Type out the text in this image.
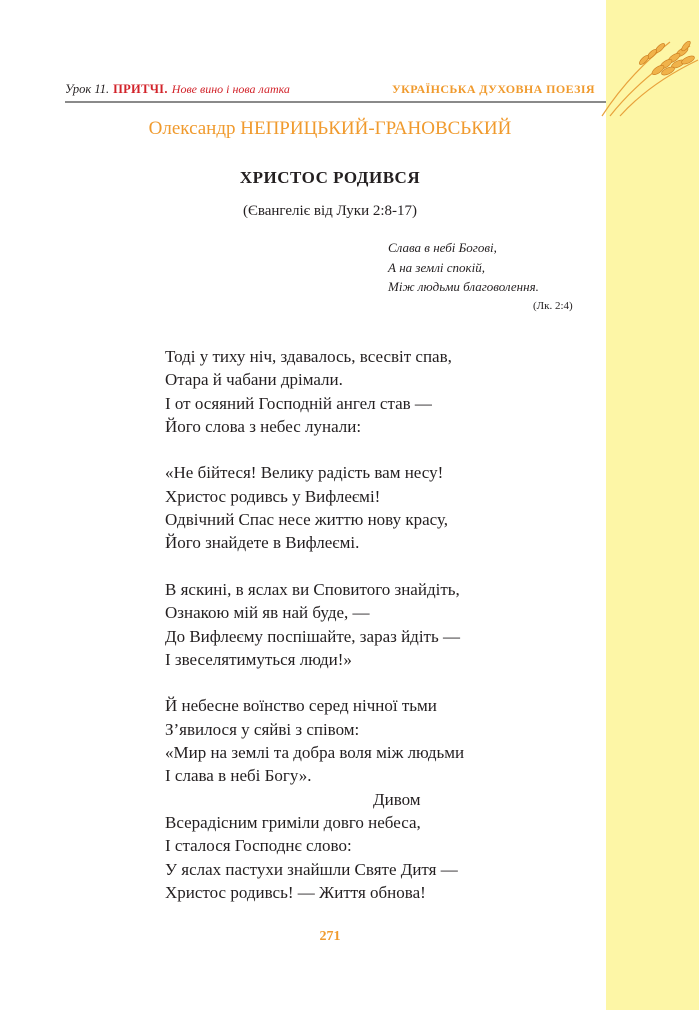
Урок 11. ПРИТЧІ. Нове вино і нова латка	УКРАЇНСЬКА ДУХОВНА ПОЕЗІЯ
Олександр НЕПРИЦЬКИЙ-ГРАНОВСЬКИЙ
ХРИСТОС РОДИВСЯ
(Євангеліє від Луки 2:8-17)
Слава в небі Богові,
А на землі спокій,
Між людьми благоволення.
(Лк. 2:4)
Тоді у тиху ніч, здавалось, всесвіт спав,
Отара й чабани дрімали.
І от осяяний Господній ангел став —
Його слова з небес лунали:
«Не бійтеся! Велику радість вам несу!
Христос родивсь у Вифлеємі!
Одвічний Спас несе життю нову красу,
Його знайдете в Вифлеємі.
В яскині, в яслах ви Сповитого знайдіть,
Ознакою мій яв най буде, —
До Вифлеєму поспішайте, зараз йдіть —
І звеселятимуться люди!»
Й небесне воїнство серед нічної тьми
З’явилося у сяйві з співом:
«Мир на землі та добра воля між людьми
І слава в небі Богу».
Дивом
Всерадісним гриміли довго небеса,
І сталося Господнє слово:
У яслах пастухи знайшли Святе Дитя —
Христос родивсь! — Життя обнова!
271
